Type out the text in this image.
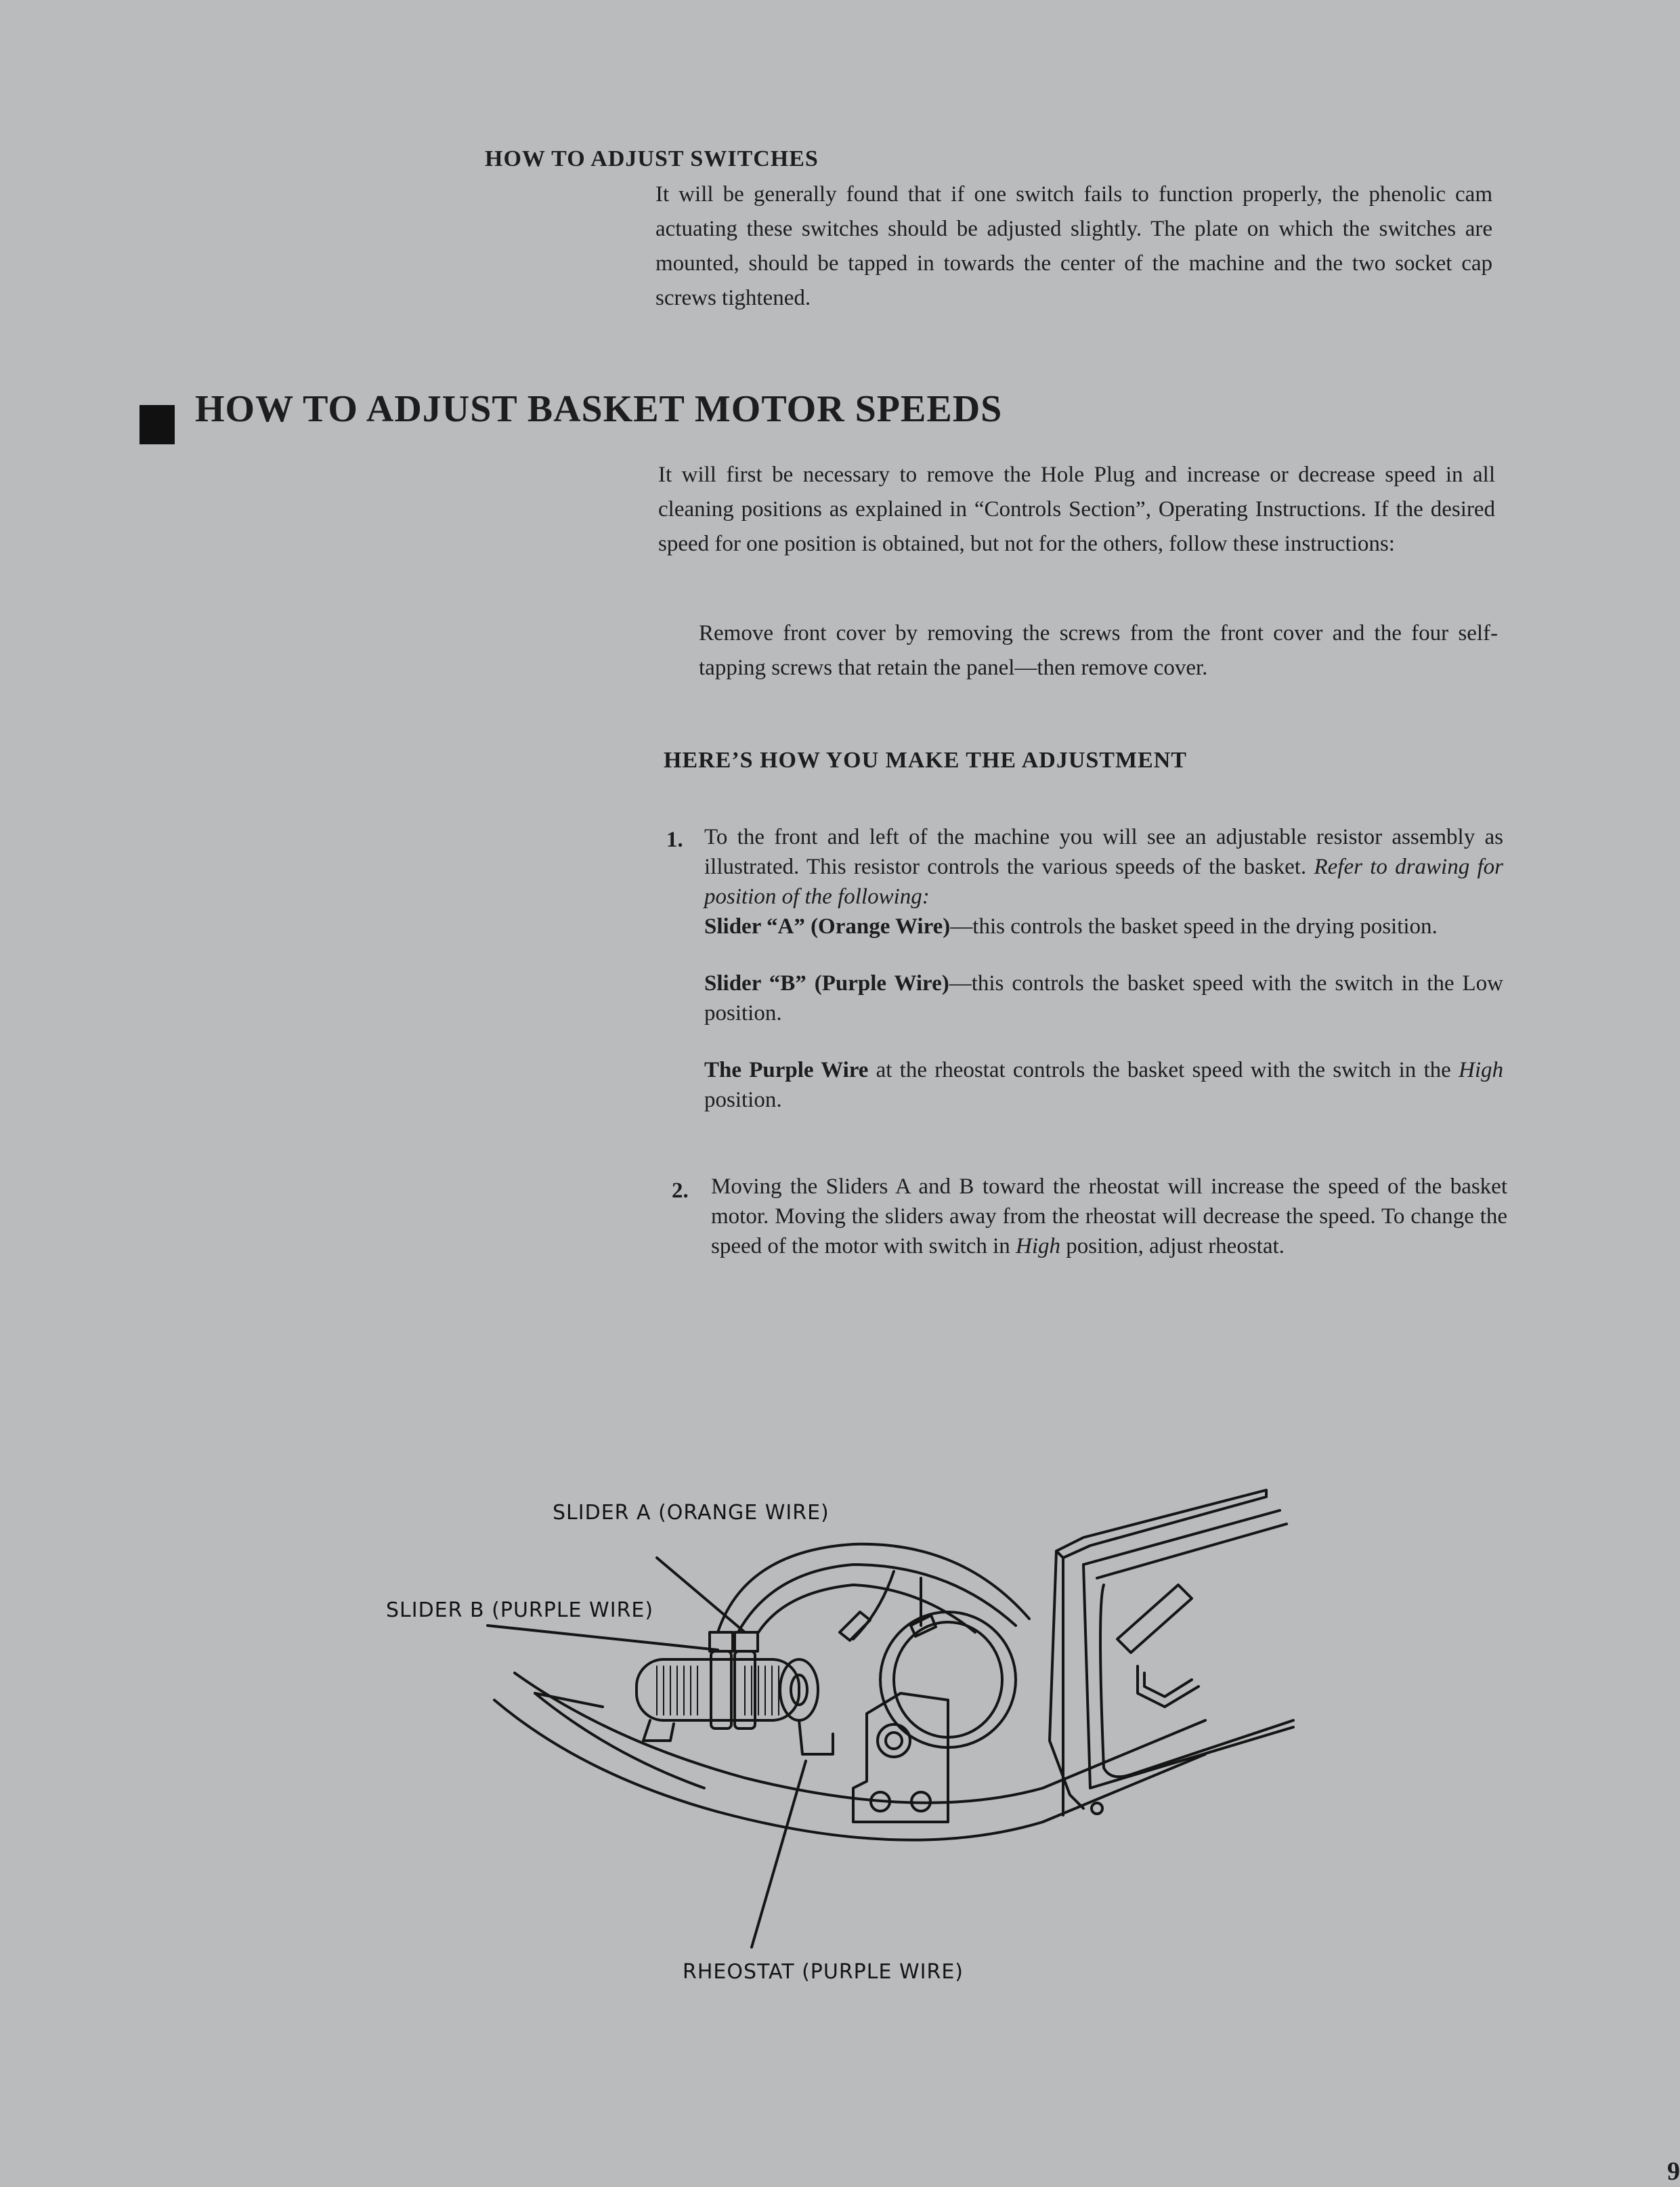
HOW TO ADJUST SWITCHES
It will be generally found that if one switch fails to function properly, the phenolic cam actuating these switches should be adjusted slightly. The plate on which the switches are mounted, should be tapped in towards the center of the machine and the two socket cap screws tightened.
HOW TO ADJUST BASKET MOTOR SPEEDS
It will first be necessary to remove the Hole Plug and increase or decrease speed in all cleaning positions as explained in “Controls Section”, Operating Instructions. If the desired speed for one position is obtained, but not for the others, follow these instructions:
Remove front cover by removing the screws from the front cover and the four self-tapping screws that retain the panel—then remove cover.
HERE’S HOW YOU MAKE THE ADJUSTMENT
1. To the front and left of the machine you will see an adjustable resistor assembly as illustrated. This resistor controls the various speeds of the basket. Refer to drawing for position of the following:
Slider “A” (Orange Wire)—this controls the basket speed in the drying position.
Slider “B” (Purple Wire)—this controls the basket speed with the switch in the Low position.
The Purple Wire at the rheostat controls the basket speed with the switch in the High position.
2. Moving the Sliders A and B toward the rheostat will increase the speed of the basket motor. Moving the sliders away from the rheostat will decrease the speed. To change the speed of the motor with switch in High position, adjust rheostat.
SLIDER A (ORANGE WIRE)
SLIDER B (PURPLE WIRE)
RHEOSTAT (PURPLE WIRE)
9
